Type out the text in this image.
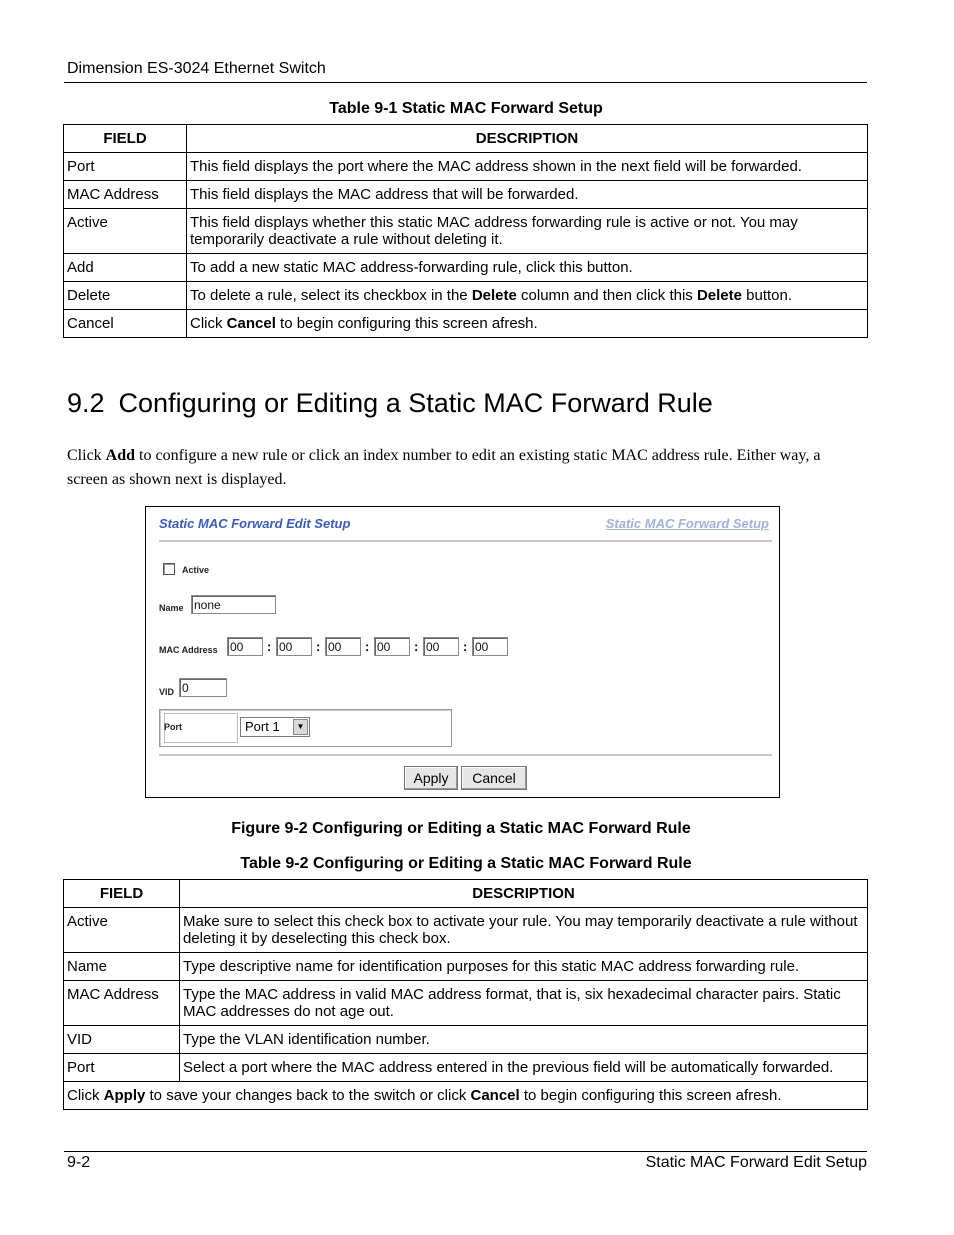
Dimension ES-3024 Ethernet Switch
Table 9-1 Static MAC Forward Setup
FIELD	DESCRIPTION
Port	This field displays the port where the MAC address shown in the next field will be forwarded.
MAC Address	This field displays the MAC address that will be forwarded.
Active	This field displays whether this static MAC address forwarding rule is active or not. You may temporarily deactivate a rule without deleting it.
Add	To add a new static MAC address-forwarding rule, click this button.
Delete	To delete a rule, select its checkbox in the Delete column and then click this Delete button.
Cancel	Click Cancel to begin configuring this screen afresh.
9.2 Configuring or Editing a Static MAC Forward Rule
Click Add to configure a new rule or click an index number to edit an existing static MAC address rule. Either way, a screen as shown next is displayed.
Static MAC Forward Edit Setup	Static MAC Forward Setup
Active
Name none
MAC Address 00	: 00	: 00	: 00	: 00	: 00
VID 0
Port	Port 1	▼
Apply	Cancel
Figure 9-2 Configuring or Editing a Static MAC Forward Rule
Table 9-2 Configuring or Editing a Static MAC Forward Rule
FIELD	DESCRIPTION
Active	Make sure to select this check box to activate your rule. You may temporarily deactivate a rule without deleting it by deselecting this check box.
Name	Type descriptive name for identification purposes for this static MAC address forwarding rule.
MAC Address	Type the MAC address in valid MAC address format, that is, six hexadecimal character pairs. Static MAC addresses do not age out.
VID	Type the VLAN identification number.
Port	Select a port where the MAC address entered in the previous field will be automatically forwarded.
Click Apply to save your changes back to the switch or click Cancel to begin configuring this screen afresh.	
9-2	Static MAC Forward Edit Setup
